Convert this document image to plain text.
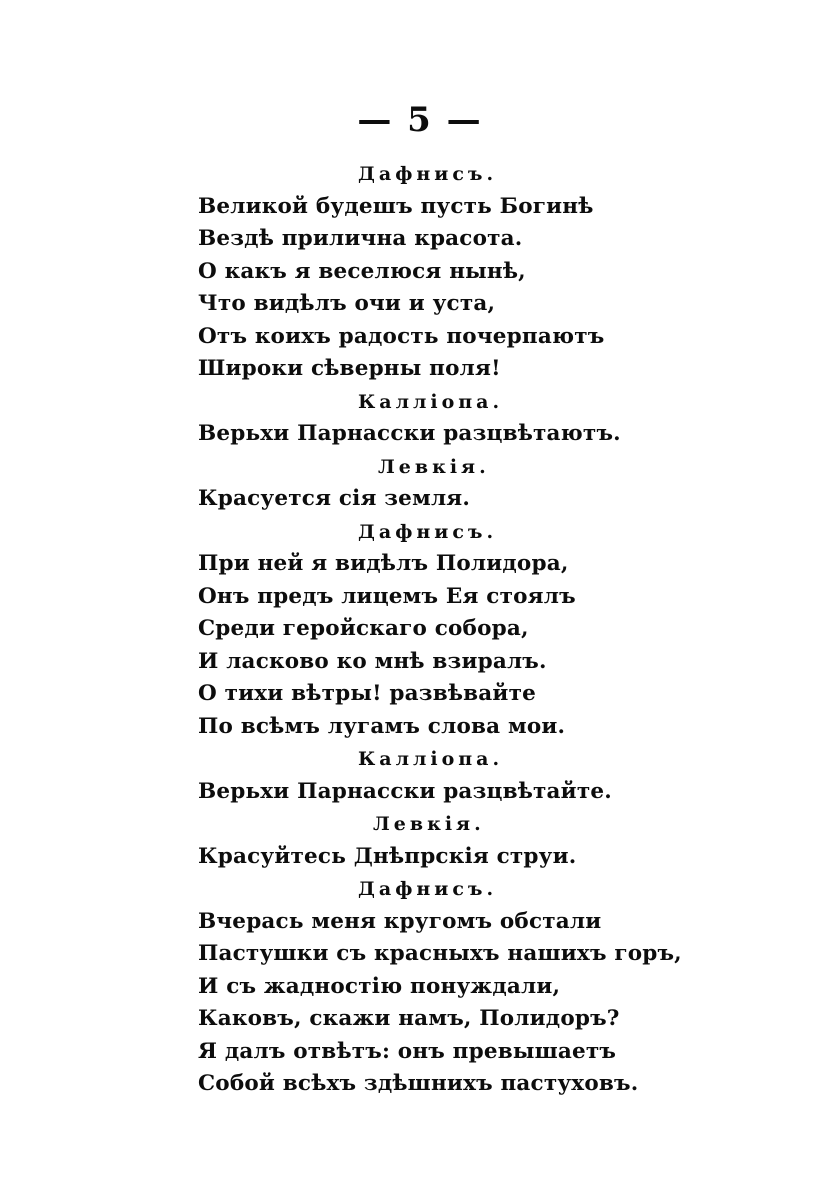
— 5 —
Дафнисъ.
Великой будешъ пусть Богинѣ
Вездѣ прилична красота.
О какъ я веселюся нынѣ,
Что видѣлъ очи и уста,
Отъ коихъ радость почерпаютъ
Широки сѣверны поля!
Каллiопа.
Верьхи Парнасски разцвѣтаютъ.
Левкія.
Красуется сія земля.
Дафнисъ.
При ней я видѣлъ Полидора,
Онъ предъ лицемъ Ея стоялъ
Среди геройскаго собора,
И ласково ко мнѣ взиралъ.
О тихи вѣтры! развѣвайте
По всѣмъ лугамъ слова мои.
Каллiопа.
Верьхи Парнасски разцвѣтайте.
Левкія.
Красуйтесь Днѣпрскія струи.
Дафнисъ.
Вчерась меня кругомъ обстали
Пастушки съ красныхъ нашихъ горъ,
И съ жадностію понуждали,
Каковъ, скажи намъ, Полидоръ?
Я далъ отвѣтъ: онъ превышаетъ
Собой всѣхъ здѣшнихъ пастуховъ.
